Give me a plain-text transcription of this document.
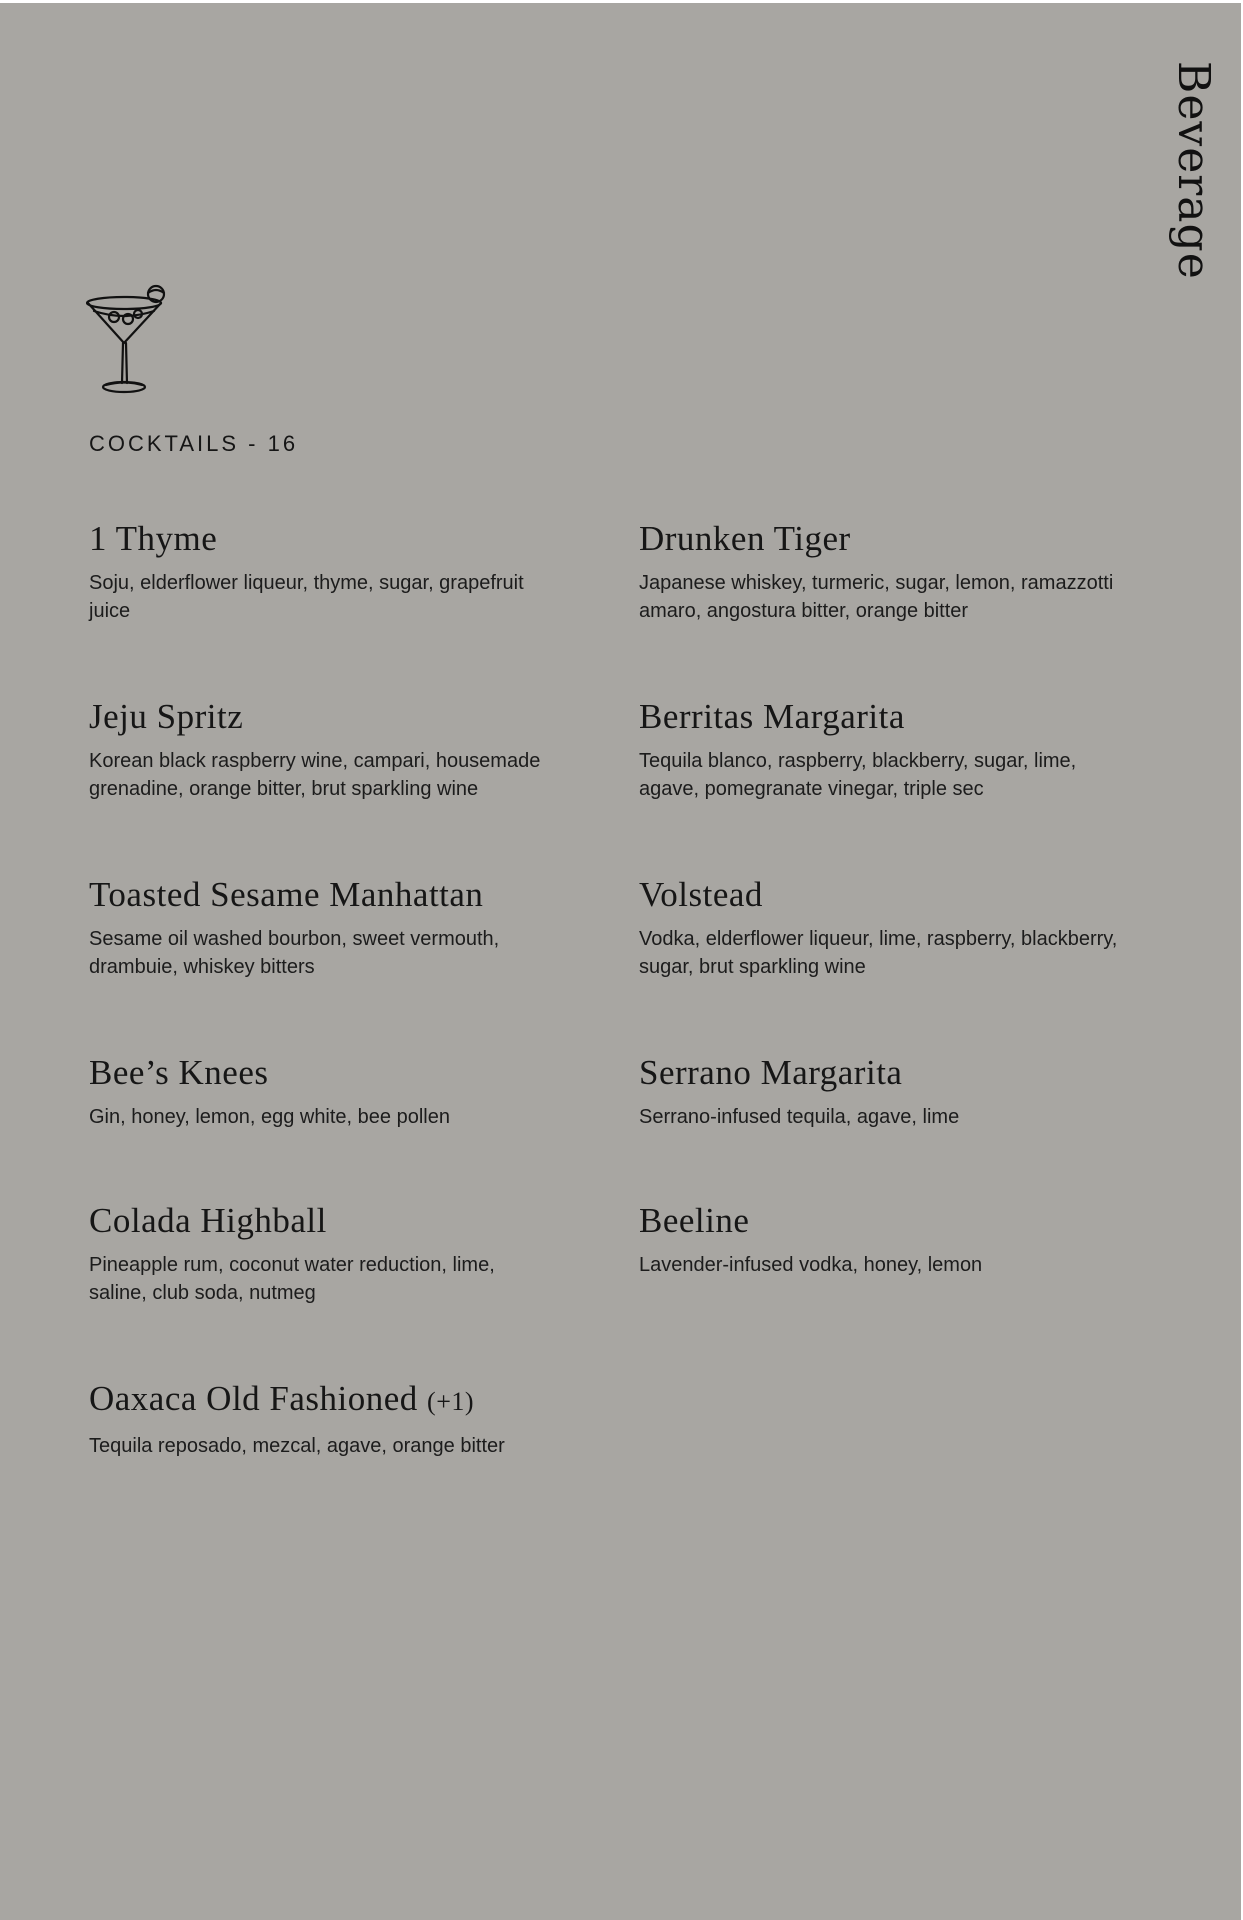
Beverage
COCKTAILS - 16
1 Thyme
Soju, elderflower liqueur, thyme, sugar, grapefruit juice
Drunken Tiger
Japanese whiskey, turmeric, sugar, lemon, ramazzotti amaro, angostura bitter, orange bitter
Jeju Spritz
Korean black raspberry wine, campari, housemade grenadine, orange bitter, brut sparkling wine
Berritas Margarita
Tequila blanco, raspberry, blackberry, sugar, lime, agave, pomegranate vinegar, triple sec
Toasted Sesame Manhattan
Sesame oil washed bourbon, sweet vermouth, drambuie, whiskey bitters
Volstead
Vodka, elderflower liqueur, lime, raspberry, blackberry, sugar, brut sparkling wine
Bee’s Knees
Gin, honey, lemon, egg white, bee pollen
Serrano Margarita
Serrano-infused tequila, agave, lime
Colada Highball
Pineapple rum, coconut water reduction, lime, saline, club soda, nutmeg
Beeline
Lavender-infused vodka, honey, lemon
Oaxaca Old Fashioned (+1)
Tequila reposado, mezcal, agave, orange bitter
